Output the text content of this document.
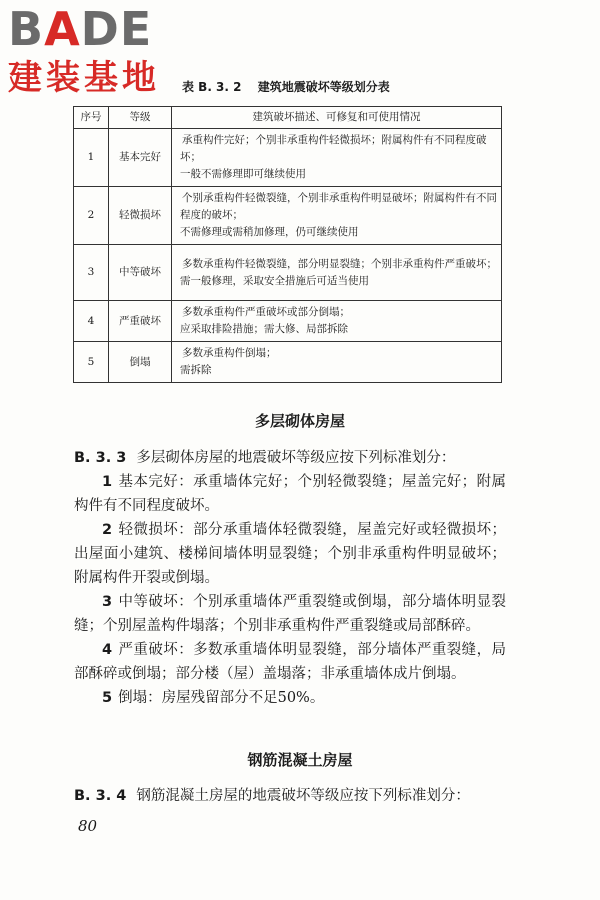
BADE
建装基地	表 B. 3. 2 建筑地震破坏等级划分表
序号	等级	建筑破坏描述、可修复和可使用情况
1	基本完好	承重构件完好；个别非承重构件轻微损坏；附属构件有不同程度破坏；
一般不需修理即可继续使用

2	轻微损坏	个别承重构件轻微裂缝，个别非承重构件明显破坏；附属构件有不同程度的破坏；
不需修理或需稍加修理，仍可继续使用

3	中等破坏	多数承重构件轻微裂缝，部分明显裂缝；个别非承重构件严重破坏；
需一般修理，采取安全措施后可适当使用

4	严重破坏	多数承重构件严重破坏或部分倒塌；
应采取排险措施；需大修、局部拆除

5	倒塌	多数承重构件倒塌；
需拆除
多层砌体房屋
B. 3. 3 多层砌体房屋的地震破坏等级应按下列标准划分：
1 基本完好：承重墙体完好；个别轻微裂缝；屋盖完好；附属构件有不同程度破坏。
2 轻微损坏：部分承重墙体轻微裂缝，屋盖完好或轻微损坏；出屋面小建筑、楼梯间墙体明显裂缝；个别非承重构件明显破坏；附属构件开裂或倒塌。
3 中等破坏：个别承重墙体严重裂缝或倒塌，部分墙体明显裂缝；个别屋盖构件塌落；个别非承重构件严重裂缝或局部酥碎。
4 严重破坏：多数承重墙体明显裂缝，部分墙体严重裂缝，局部酥碎或倒塌；部分楼（屋）盖塌落；非承重墙体成片倒塌。
5 倒塌：房屋残留部分不足50%。
钢筋混凝土房屋
B. 3. 4 钢筋混凝土房屋的地震破坏等级应按下列标准划分：
80
